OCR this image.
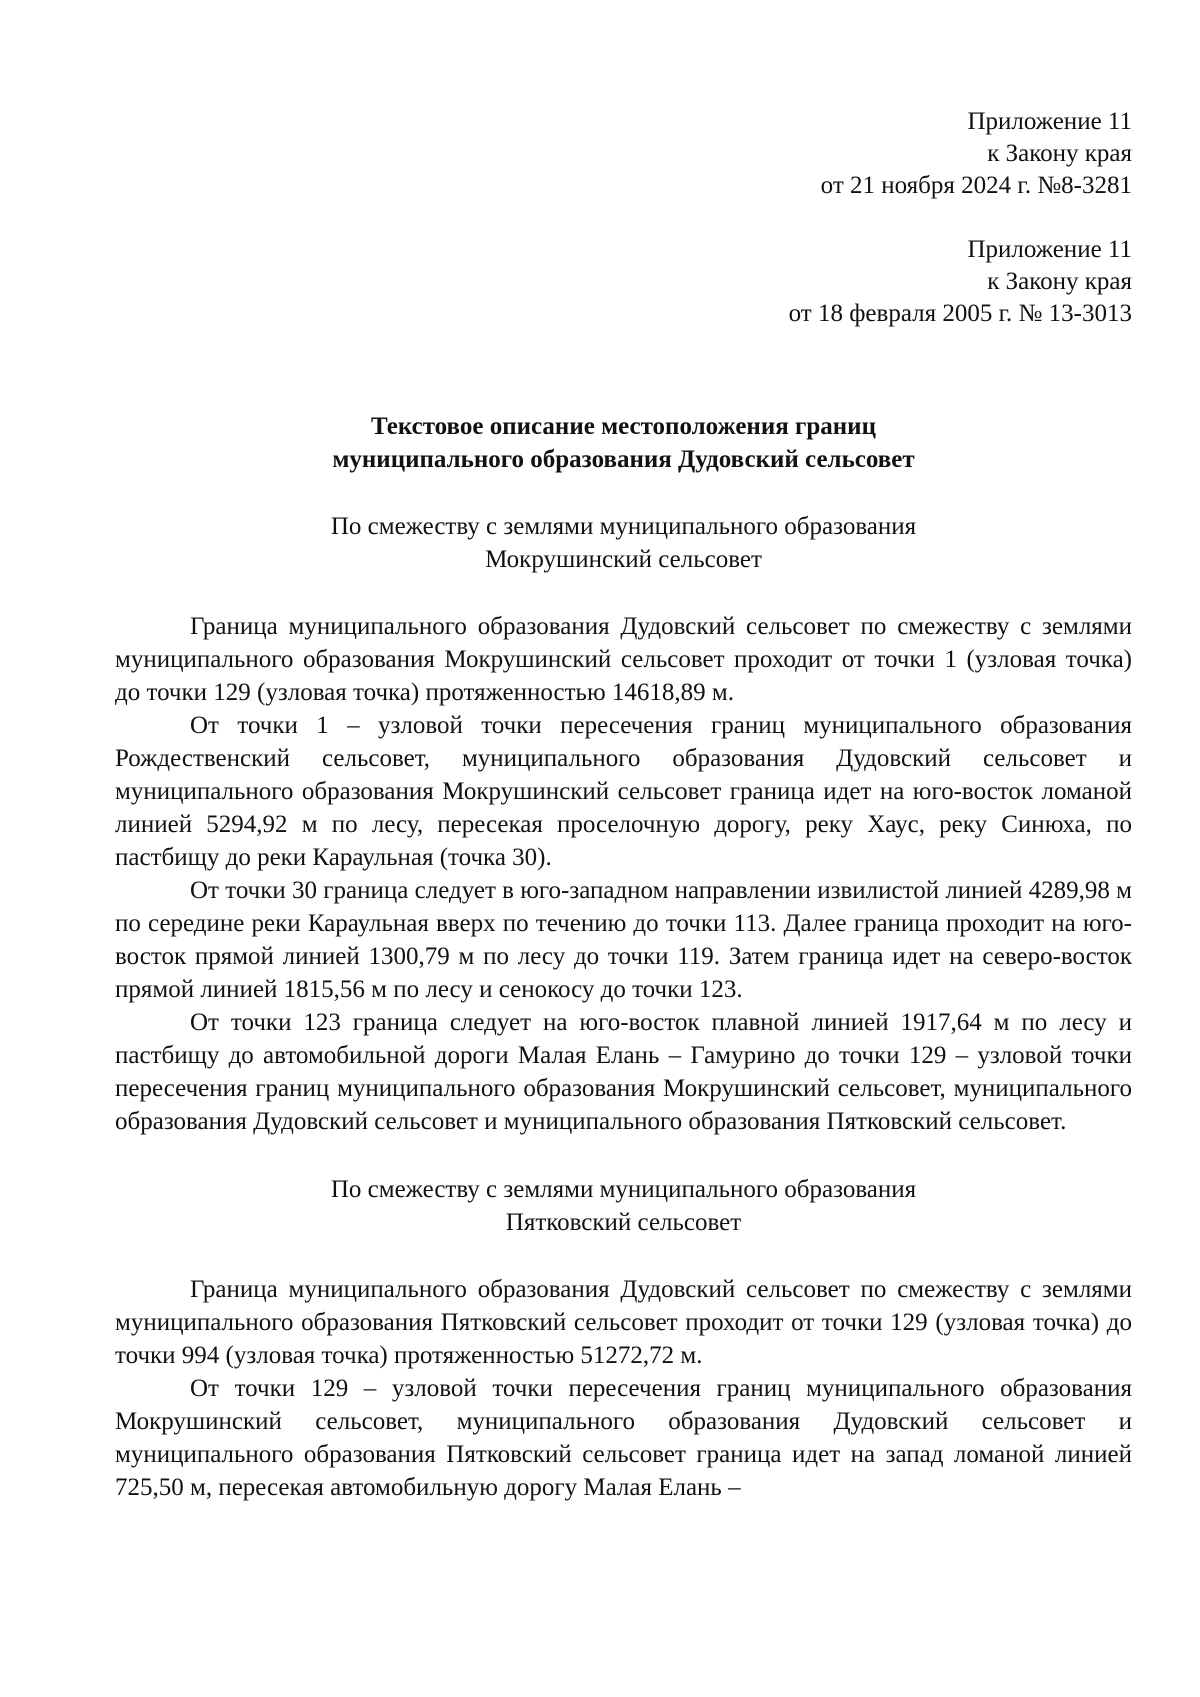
Приложение 11

к Закону края

от 21 ноября 2024 г. №8-3281

Приложение 11

к Закону края

от 18 февраля 2005 г. № 13-3013

Текстовое описание местоположения границ

муниципального образования Дудовский сельсовет

По смежеству с землями муниципального образования

Мокрушинский сельсовет

Граница муниципального образования Дудовский сельсовет по смежеству с землями муниципального образования Мокрушинский сельсовет проходит от точки 1 (узловая точка) до точки 129 (узловая точка) протяженностью 14618,89 м.

От точки 1 – узловой точки пересечения границ муниципального образования Рождественский сельсовет, муниципального образования Дудовский сельсовет и муниципального образования Мокрушинский сельсовет граница идет на юго-восток ломаной линией 5294,92 м по лесу, пересекая проселочную дорогу, реку Хаус, реку Синюха, по пастбищу до реки Караульная (точка 30).

От точки 30 граница следует в юго-западном направлении извилистой линией 4289,98 м по середине реки Караульная вверх по течению до точки 113. Далее граница проходит на юго-восток прямой линией 1300,79 м по лесу до точки 119. Затем граница идет на северо-восток прямой линией 1815,56 м по лесу и сенокосу до точки 123.

От точки 123 граница следует на юго-восток плавной линией 1917,64 м по лесу и пастбищу до автомобильной дороги Малая Елань – Гамурино до точки 129 – узловой точки пересечения границ муниципального образования Мокрушинский сельсовет, муниципального образования Дудовский сельсовет и муниципального образования Пятковский сельсовет.

По смежеству с землями муниципального образования

Пятковский сельсовет

Граница муниципального образования Дудовский сельсовет по смежеству с землями муниципального образования Пятковский сельсовет проходит от точки 129 (узловая точка) до точки 994 (узловая точка) протяженностью 51272,72 м.

От точки 129 – узловой точки пересечения границ муниципального образования Мокрушинский сельсовет, муниципального образования Дудовский сельсовет и муниципального образования Пятковский сельсовет граница идет на запад ломаной линией 725,50 м, пересекая автомобильную дорогу Малая Елань –
